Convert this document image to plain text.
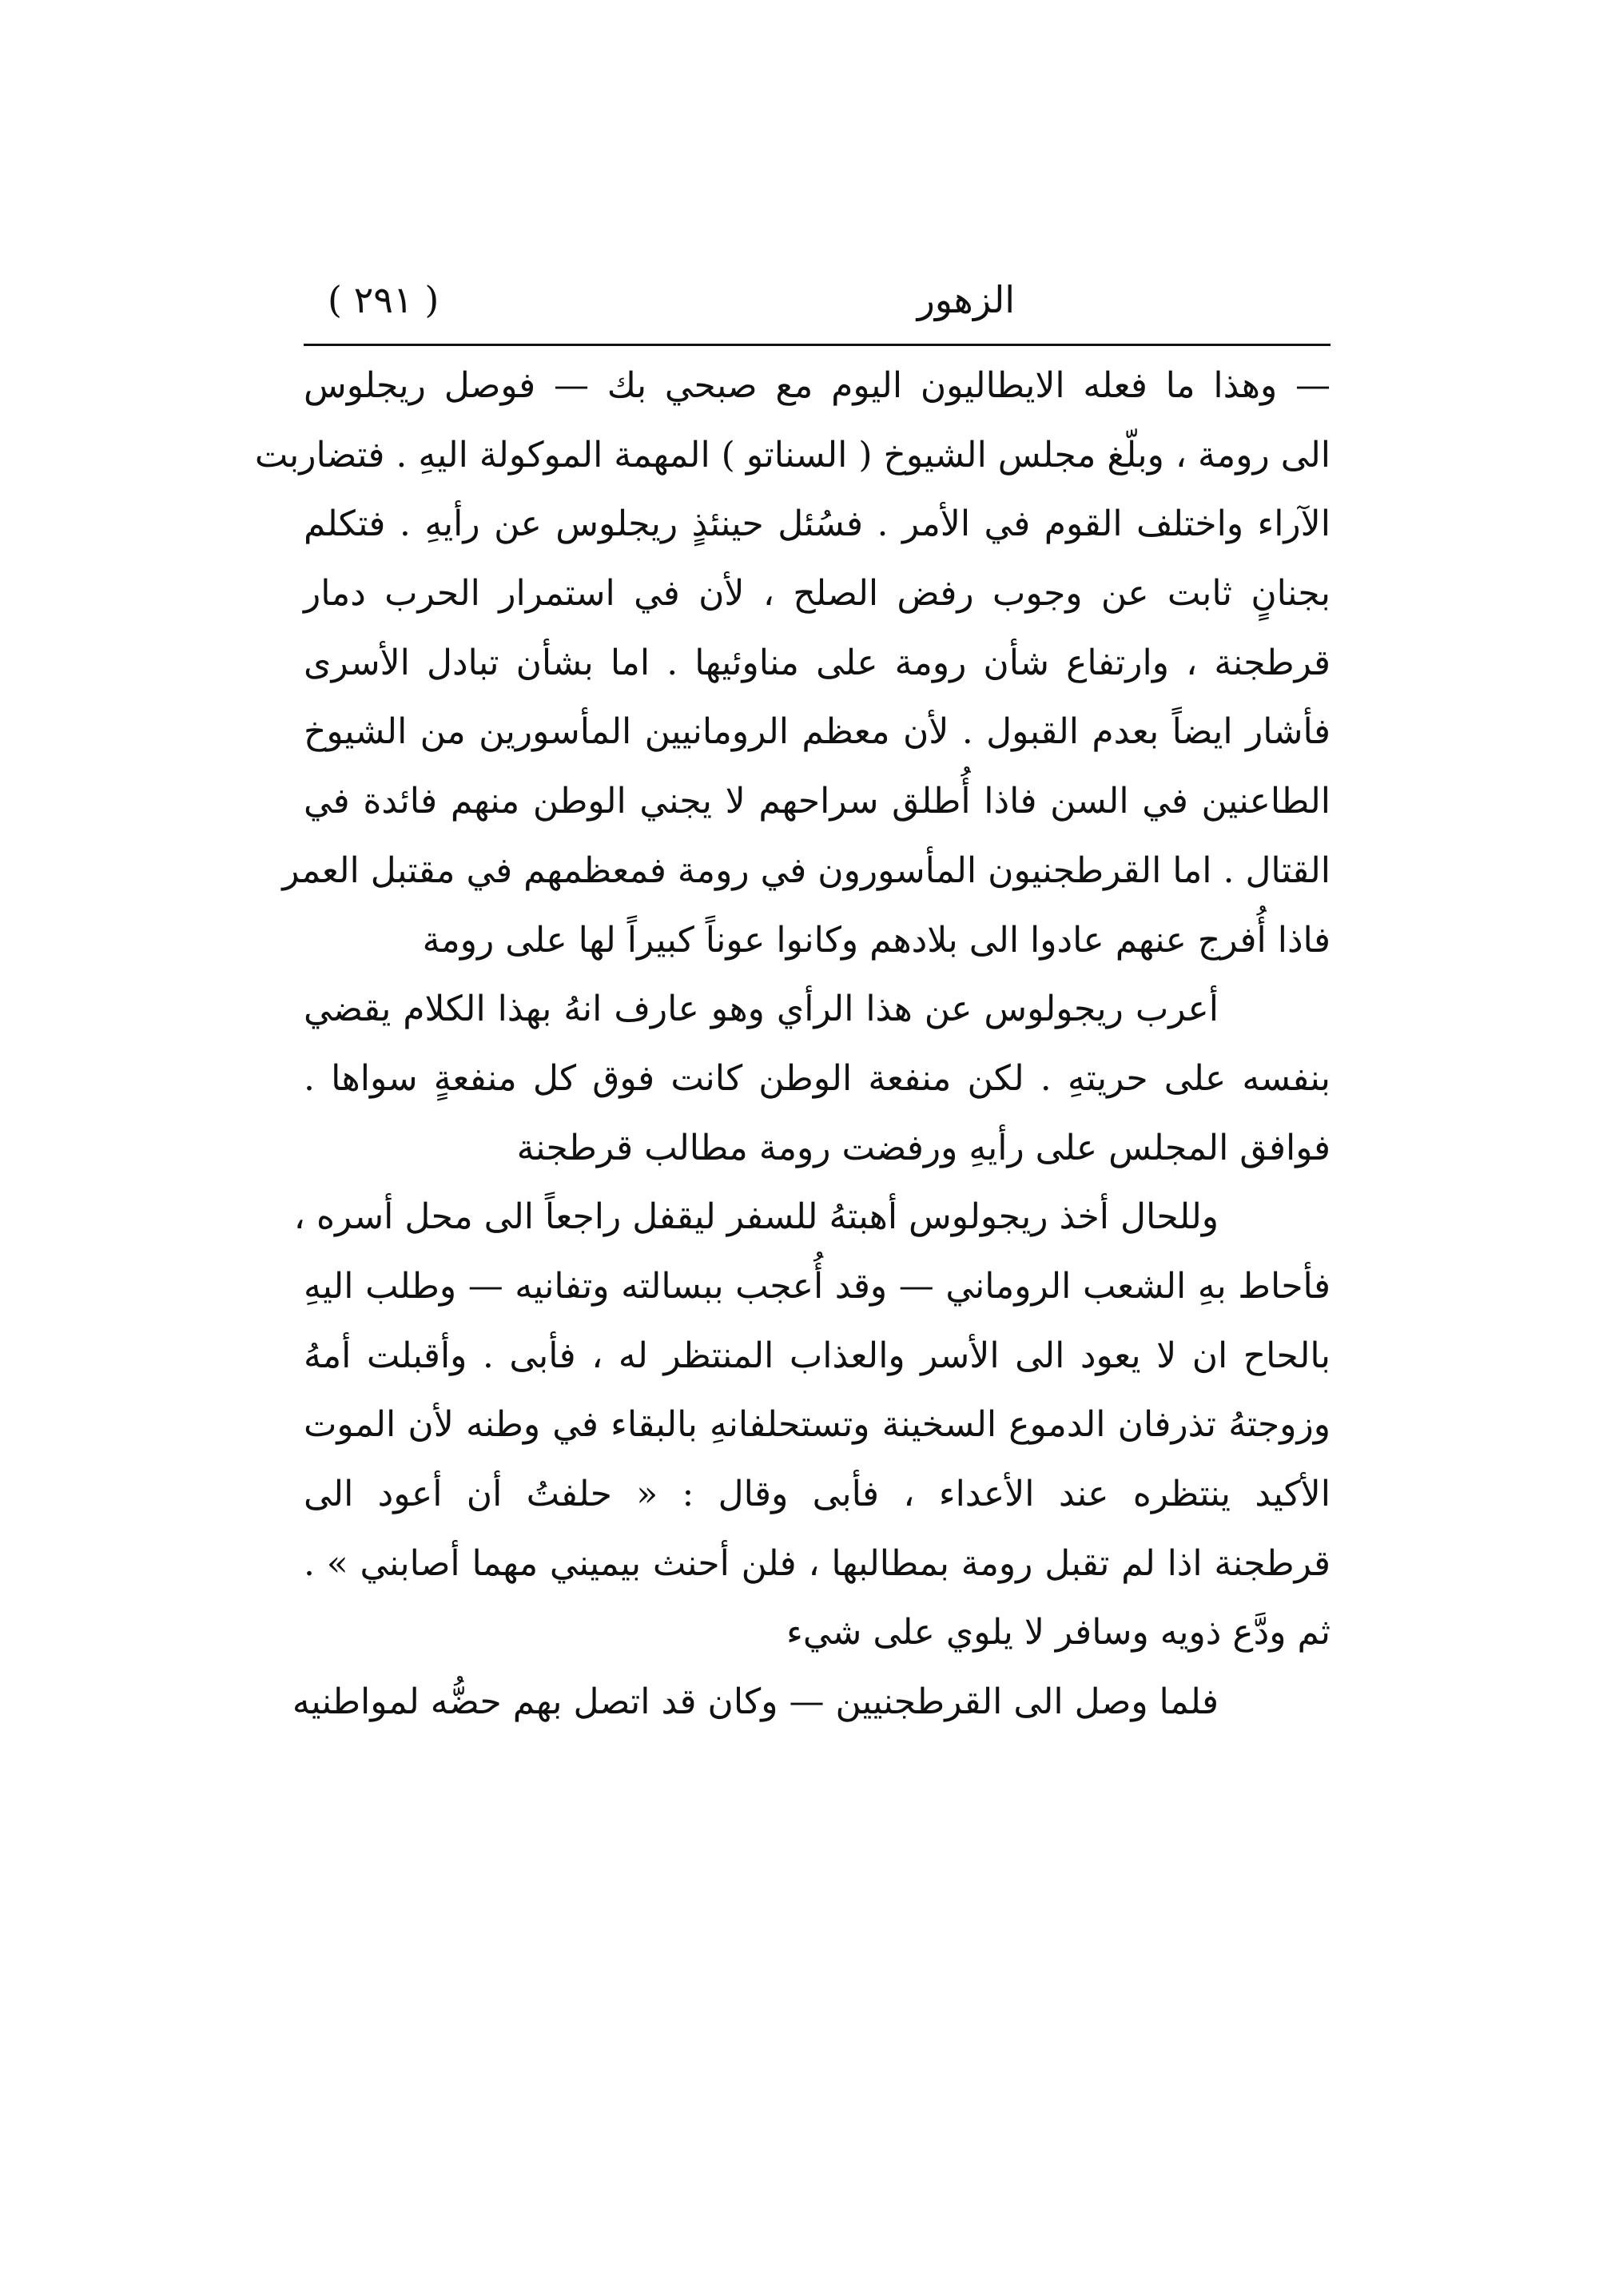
الزهور
( ٢٩١ )
— وهذا ما فعله الايطاليون اليوم مع صبحي بك — فوصل ريجلوس
الى رومة ، وبلّغ مجلس الشيوخ ( السناتو ) المهمة الموكولة اليهِ . فتضاربت
الآراء واختلف القوم في الأمر . فسُئل حينئذٍ ريجلوس عن رأيهِ . فتكلم
بجنانٍ ثابت عن وجوب رفض الصلح ، لأن في استمرار الحرب دمار
قرطجنة ، وارتفاع شأن رومة على مناوئيها . اما بشأن تبادل الأسرى
فأشار ايضاً بعدم القبول . لأن معظم الرومانيين المأسورين من الشيوخ
الطاعنين في السن فاذا أُطلق سراحهم لا يجني الوطن منهم فائدة في
القتال . اما القرطجنيون المأسورون في رومة فمعظمهم في مقتبل العمر
فاذا أُفرج عنهم عادوا الى بلادهم وكانوا عوناً كبيراً لها على رومة
أعرب ريجولوس عن هذا الرأي وهو عارف انهُ بهذا الكلام يقضي
بنفسه على حريتهِ . لكن منفعة الوطن كانت فوق كل منفعةٍ سواها .
فوافق المجلس على رأيهِ ورفضت رومة مطالب قرطجنة
وللحال أخذ ريجولوس أهبتهُ للسفر ليقفل راجعاً الى محل أسره ،
فأحاط بهِ الشعب الروماني — وقد أُعجب ببسالته وتفانيه — وطلب اليهِ
بالحاح ان لا يعود الى الأسر والعذاب المنتظر له ، فأبى . وأقبلت أمهُ
وزوجتهُ تذرفان الدموع السخينة وتستحلفانهِ بالبقاء في وطنه لأن الموت
الأكيد ينتظره عند الأعداء ، فأبى وقال : « حلفتُ أن أعود الى
قرطجنة اذا لم تقبل رومة بمطالبها ، فلن أحنث بيميني مهما أصابني » .
ثم ودَّع ذويه وسافر لا يلوي على شيء
فلما وصل الى القرطجنيين — وكان قد اتصل بهم حضُّه لمواطنيه
